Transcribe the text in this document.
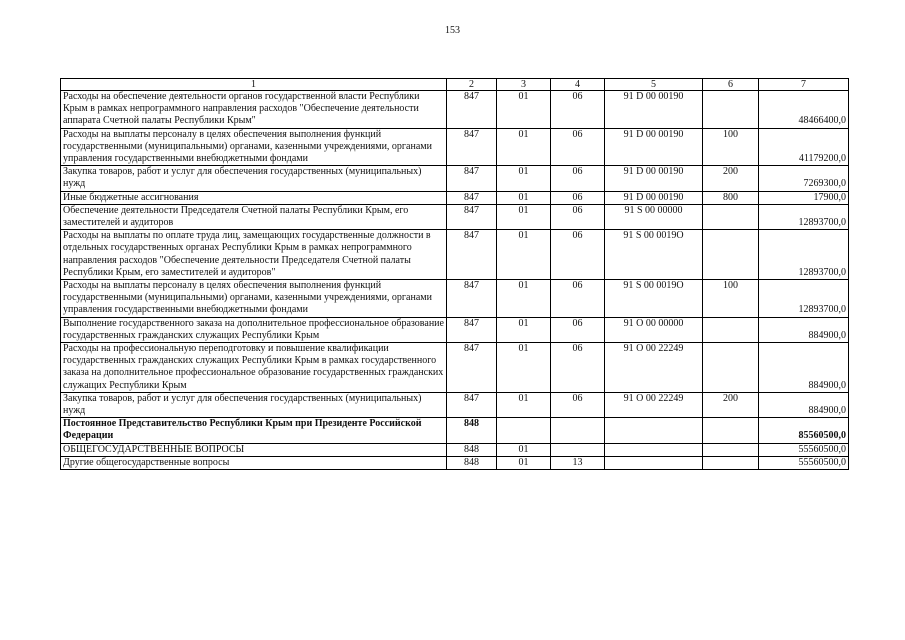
153
1	2	3	4	5	6	7
Расходы на обеспечение деятельности органов государственной власти Республики Крым в рамках непрограммного направления расходов "Обеспечение деятельности аппарата Счетной палаты Республики Крым"	847	01	06	91 D 00 00190		48466400,0
Расходы на выплаты персоналу в целях обеспечения выполнения функций государственными (муниципальными) органами, казенными учреждениями, органами управления государственными внебюджетными фондами	847	01	06	91 D 00 00190	100	41179200,0
Закупка товаров, работ и услуг для обеспечения государственных (муниципальных) нужд	847	01	06	91 D 00 00190	200	7269300,0
Иные бюджетные ассигнования	847	01	06	91 D 00 00190	800	17900,0
Обеспечение деятельности Председателя Счетной палаты Республики Крым, его заместителей и аудиторов	847	01	06	91 S 00 00000		12893700,0
Расходы на выплаты по оплате труда лиц, замещающих государственные должности в отдельных государственных органах Республики Крым в рамках непрограммного направления расходов "Обеспечение деятельности Председателя Счетной палаты Республики Крым, его заместителей и аудиторов"	847	01	06	91 S 00 0019О		12893700,0
Расходы на выплаты персоналу в целях обеспечения выполнения функций государственными (муниципальными) органами, казенными учреждениями, органами управления государственными внебюджетными фондами	847	01	06	91 S 00 0019О	100	12893700,0
Выполнение государственного заказа на дополнительное профессиональное образование государственных гражданских служащих Республики Крым	847	01	06	91 О 00 00000		884900,0
Расходы на профессиональную переподготовку и повышение квалификации государственных гражданских служащих Республики Крым в рамках государственного заказа на дополнительное профессиональное образование государственных гражданских служащих Республики Крым	847	01	06	91 О 00 22249		884900,0
Закупка товаров, работ и услуг для обеспечения государственных (муниципальных) нужд	847	01	06	91 О 00 22249	200	884900,0
Постоянное Представительство Республики Крым при Президенте Российской Федерации	848					85560500,0
ОБЩЕГОСУДАРСТВЕННЫЕ ВОПРОСЫ	848	01				55560500,0
Другие общегосударственные вопросы	848	01	13			55560500,0
